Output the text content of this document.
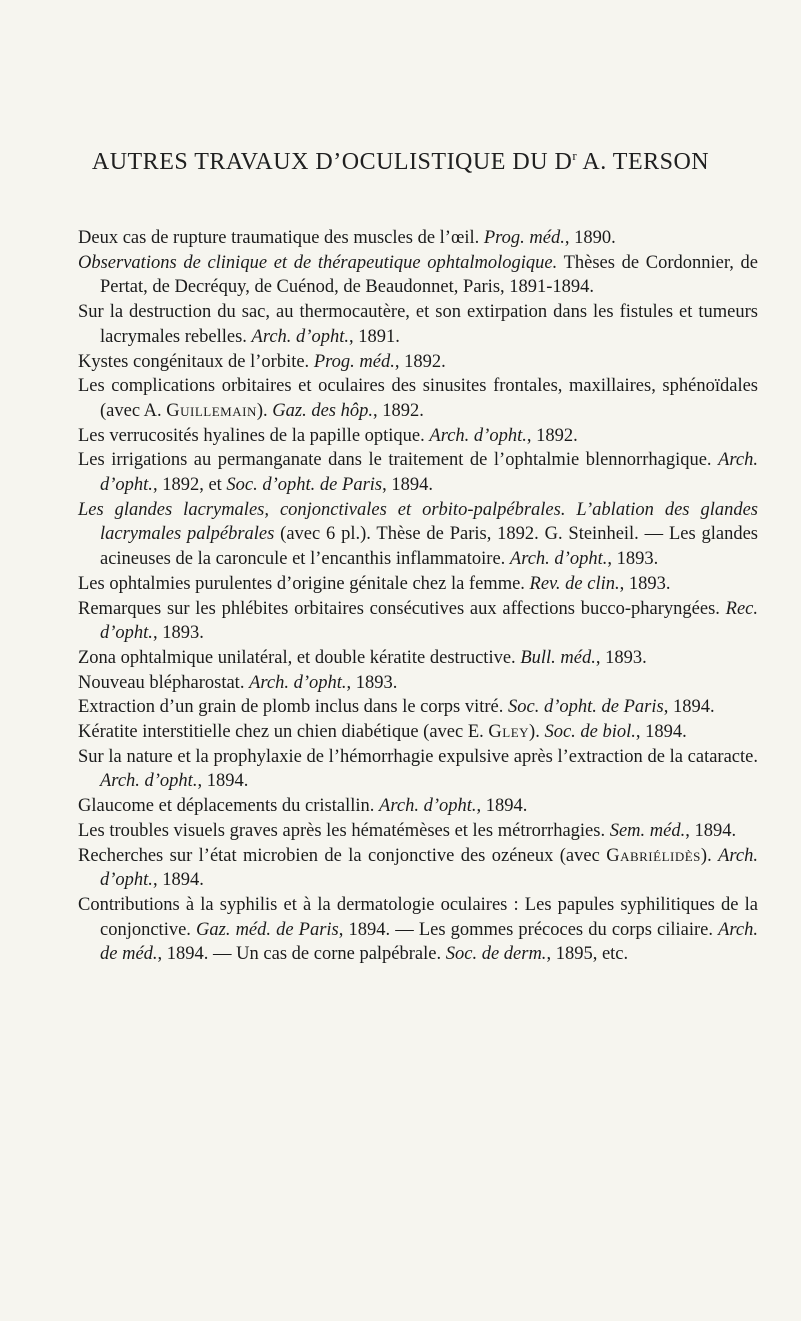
AUTRES TRAVAUX D’OCULISTIQUE DU $D^r$ A. TERSON

Deux cas de rupture traumatique des muscles de l’œil. Prog. méd., 1890.

Observations de clinique et de thérapeutique ophtalmologique. Thèses de Cordonnier, de Pertat, de Decréquy, de Cuénod, de Beaudonnet, Paris, 1891-1894.

Sur la destruction du sac, au thermocautère, et son extirpation dans les fistules et tumeurs lacrymales rebelles. Arch. d’opht., 1891.

Kystes congénitaux de l’orbite. Prog. méd., 1892.

Les complications orbitaires et oculaires des sinusites frontales, maxillaires, sphénoïdales (avec A. Guillemain). Gaz. des hôp., 1892.

Les verrucosités hyalines de la papille optique. Arch. d’opht., 1892.

Les irrigations au permanganate dans le traitement de l’ophtalmie blennorrhagique. Arch. d’opht., 1892, et Soc. d’opht. de Paris, 1894.

Les glandes lacrymales, conjonctivales et orbito-palpébrales. L’ablation des glandes lacrymales palpébrales (avec 6 pl.). Thèse de Paris, 1892. G. Steinheil. — Les glandes acineuses de la caroncule et l’encanthis inflammatoire. Arch. d’opht., 1893.

Les ophtalmies purulentes d’origine génitale chez la femme. Rev. de clin., 1893.

Remarques sur les phlébites orbitaires consécutives aux affections bucco-pharyngées. Rec. d’opht., 1893.

Zona ophtalmique unilatéral, et double kératite destructive. Bull. méd., 1893.

Nouveau blépharostat. Arch. d’opht., 1893.

Extraction d’un grain de plomb inclus dans le corps vitré. Soc. d’opht. de Paris, 1894.

Kératite interstitielle chez un chien diabétique (avec E. Gley). Soc. de biol., 1894.

Sur la nature et la prophylaxie de l’hémorrhagie expulsive après l’extraction de la cataracte. Arch. d’opht., 1894.

Glaucome et déplacements du cristallin. Arch. d’opht., 1894.

Les troubles visuels graves après les hématémèses et les métrorrhagies. Sem. méd., 1894.

Recherches sur l’état microbien de la conjonctive des ozéneux (avec Gabriélidès). Arch. d’opht., 1894.

Contributions à la syphilis et à la dermatologie oculaires : Les papules syphilitiques de la conjonctive. Gaz. méd. de Paris, 1894. — Les gommes précoces du corps ciliaire. Arch. de méd., 1894. — Un cas de corne palpébrale. Soc. de derm., 1895, etc.
